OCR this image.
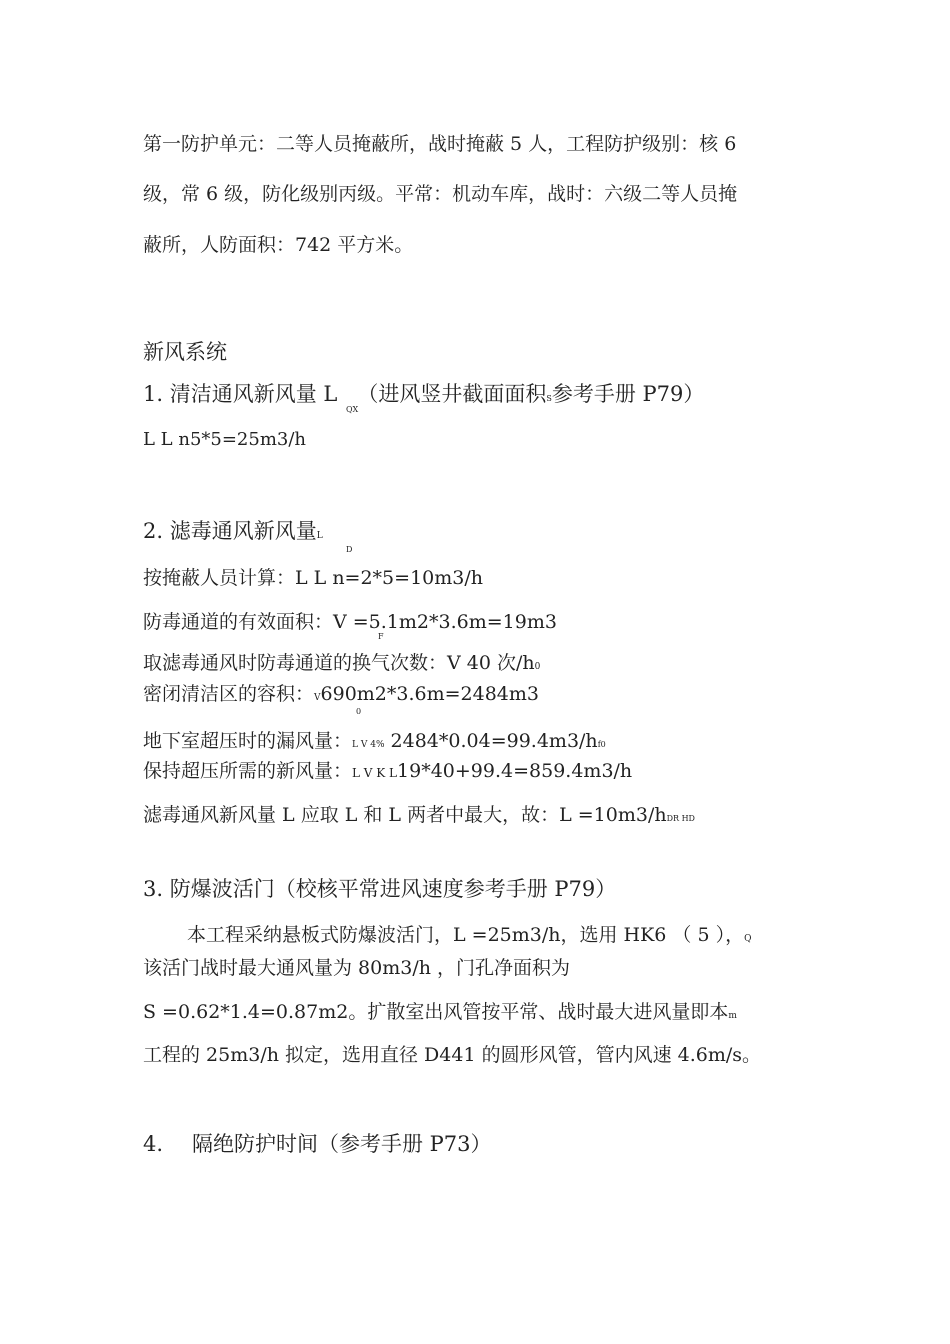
第一防护单元：二等人员掩蔽所，战时掩蔽 5 人，工程防护级别：核 6
级，常 6 级，防化级别丙级。平常：机动车库，战时：六级二等人员掩
蔽所，人防面积：742 平方米。
新风系统
1. 清洁通风新风量 L （进风竖井截面面积S参考手册 P79）
QX
L L n5*5=25m3/h
2. 滤毒通风新风量L
D
按掩蔽人员计算：L L n=2*5=10m3/h
防毒通道的有效面积：V =5.1m2*3.6m=19m3
F
取滤毒通风时防毒通道的换气次数：V 40 次/h0
密闭清洁区的容积：V690m2*3.6m=2484m3
0
地下室超压时的漏风量：L V 4% 2484*0.04=99.4m3/hf0
保持超压所需的新风量：L V K L19*40+99.4=859.4m3/h
滤毒通风新风量 L 应取 L 和 L 两者中最大，故：L =10m3/hDR HD
3. 防爆波活门（校核平常进风速度参考手册 P79）
本工程采纳悬板式防爆波活门，L =25m3/h，选用 HK6 （ 5 ），Q
该活门战时最大通风量为 80m3/h ，门孔净面积为
S =0.62*1.4=0.87m2。扩散室出风管按平常、战时最大进风量即本m
工程的 25m3/h 拟定，选用直径 D441 的圆形风管，管内风速 4.6m/s。
4. 隔绝防护时间（参考手册 P73）
